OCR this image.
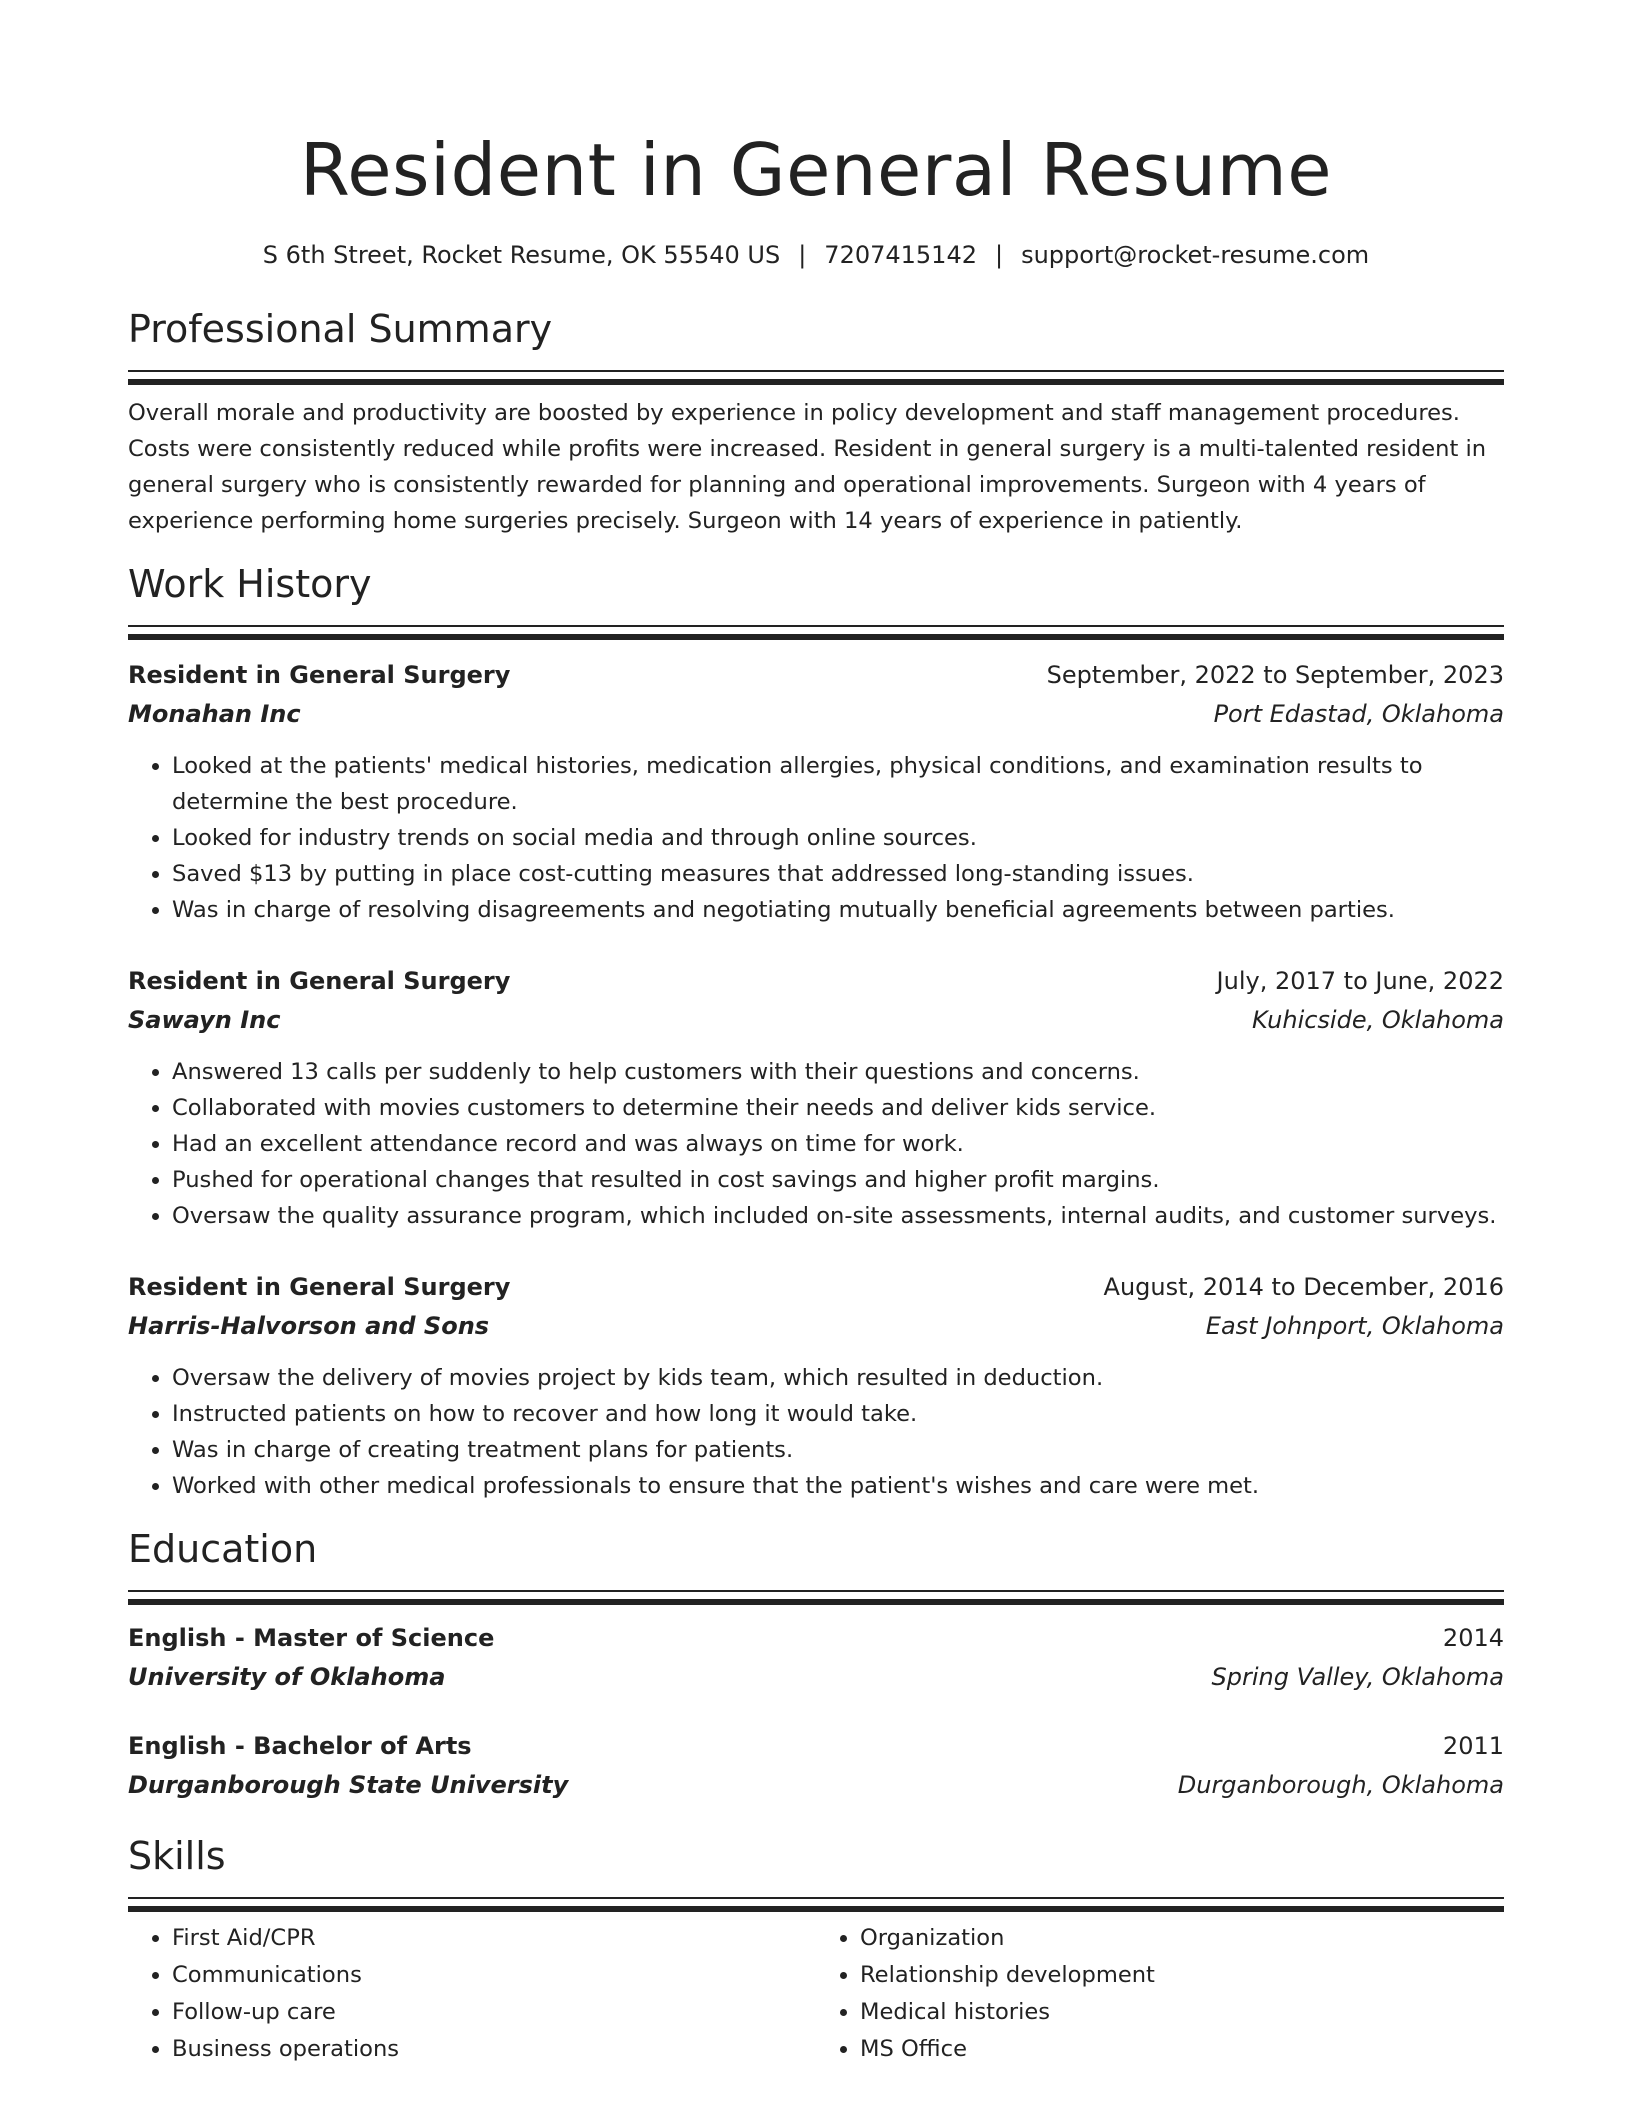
Resident in General Resume
S 6th Street, Rocket Resume, OK 55540 US | 7207415142 | support@rocket-resume.com
Professional Summary
Overall morale and productivity are boosted by experience in policy development and staff management procedures. Costs were consistently reduced while profits were increased. Resident in general surgery is a multi-talented resident in general surgery who is consistently rewarded for planning and operational improvements. Surgeon with 4 years of experience performing home surgeries precisely. Surgeon with 14 years of experience in patiently.
Work History
Resident in General Surgery	September, 2022 to September, 2023
Monahan Inc	Port Edastad, Oklahoma
• Looked at the patients' medical histories, medication allergies, physical conditions, and examination results to determine the best procedure.
• Looked for industry trends on social media and through online sources.
• Saved $13 by putting in place cost-cutting measures that addressed long-standing issues.
• Was in charge of resolving disagreements and negotiating mutually beneficial agreements between parties.
Resident in General Surgery	July, 2017 to June, 2022
Sawayn Inc	Kuhicside, Oklahoma
• Answered 13 calls per suddenly to help customers with their questions and concerns.
• Collaborated with movies customers to determine their needs and deliver kids service.
• Had an excellent attendance record and was always on time for work.
• Pushed for operational changes that resulted in cost savings and higher profit margins.
• Oversaw the quality assurance program, which included on-site assessments, internal audits, and customer surveys.
Resident in General Surgery	August, 2014 to December, 2016
Harris-Halvorson and Sons	East Johnport, Oklahoma
• Oversaw the delivery of movies project by kids team, which resulted in deduction.
• Instructed patients on how to recover and how long it would take.
• Was in charge of creating treatment plans for patients.
• Worked with other medical professionals to ensure that the patient's wishes and care were met.
Education
English - Master of Science	2014
University of Oklahoma	Spring Valley, Oklahoma
English - Bachelor of Arts	2011
Durganborough State University	Durganborough, Oklahoma
Skills
• First Aid/CPR
• Communications
• Follow-up care
• Business operations
• Organization
• Relationship development
• Medical histories
• MS Office
